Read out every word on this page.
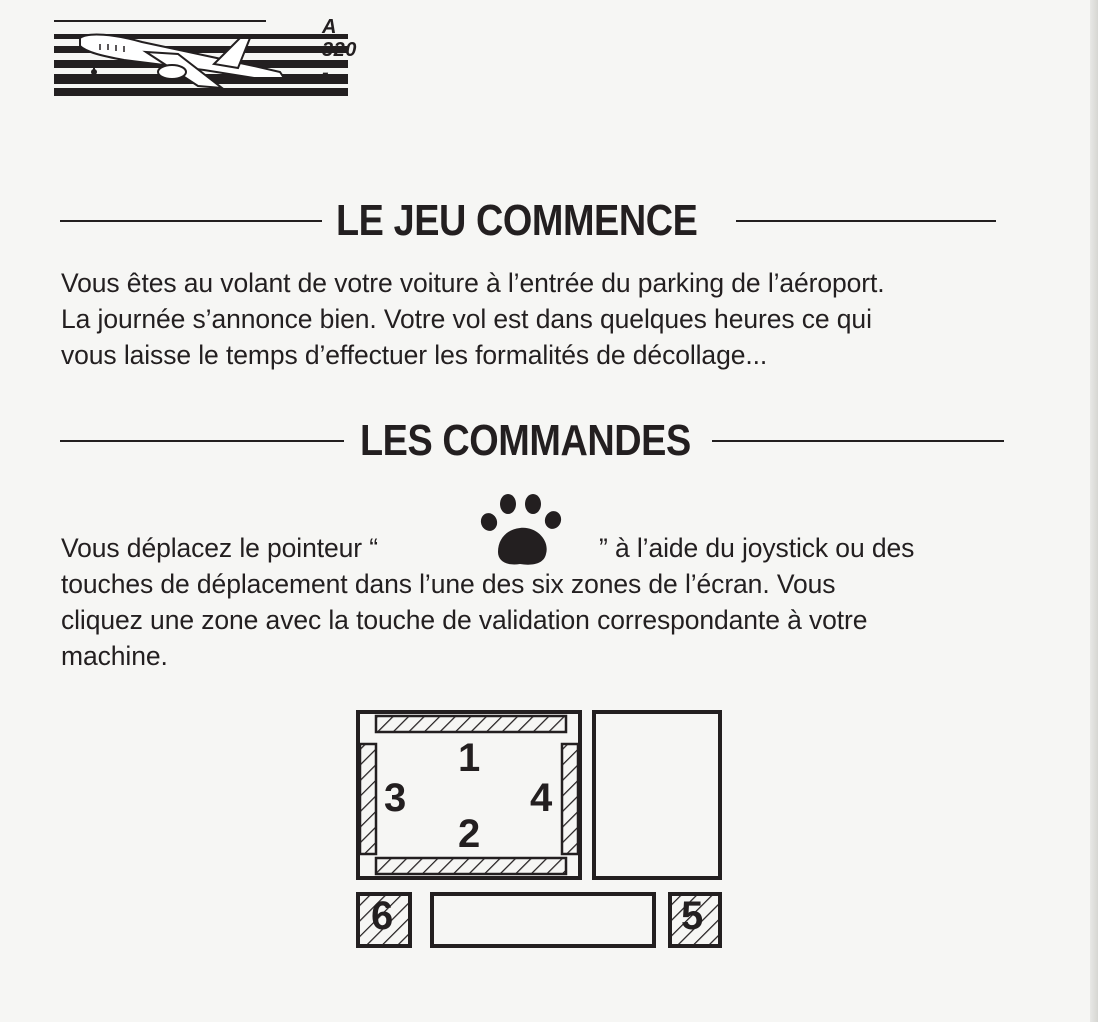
A 320 -
LE JEU COMMENCE
Vous êtes au volant de votre voiture à l’entrée du parking de l’aéroport.
La journée s’annonce bien. Votre vol est dans quelques heures ce qui
vous laisse le temps d’effectuer les formalités de décollage...
LES COMMANDES
Vous déplacez le pointeur “	” à l’aide du joystick ou des
touches de déplacement dans l’une des six zones de l’écran. Vous
cliquez une zone avec la touche de validation correspondante à votre
machine.
1
2
3	4
5
6
